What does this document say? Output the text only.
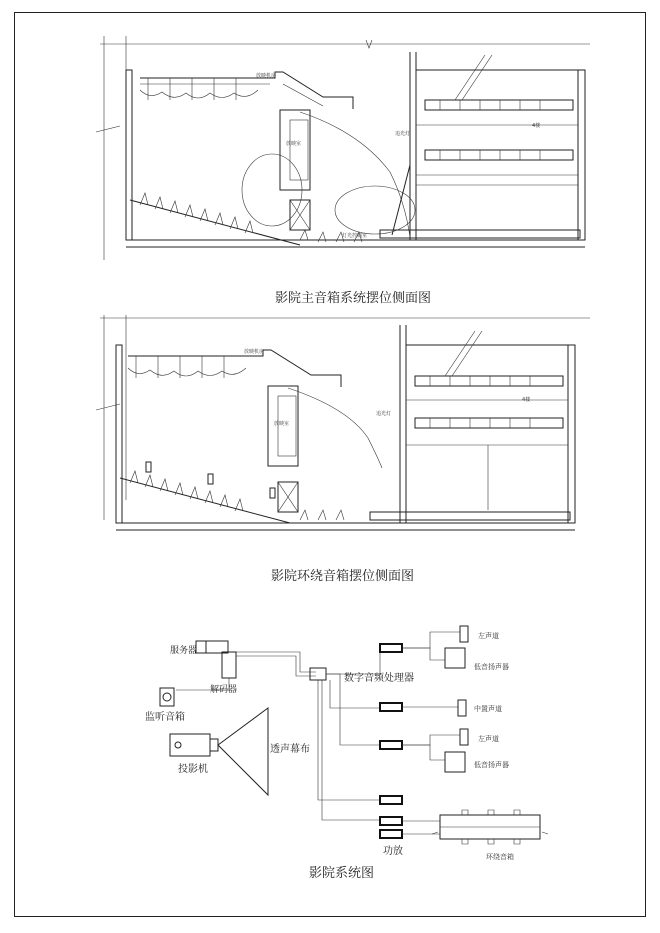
放映机房
追光灯
放映室
4楼
灯光控制室
影院主音箱系统摆位侧面图
放映机房
追光灯
放映室
4楼
影院环绕音箱摆位侧面图
服务器
解码器
监听音箱
投影机
透声幕布
数字音频处理器
功放
左声道
低音扬声器
中置声道
左声道
低音扬声器
环绕音箱
影院系统图
